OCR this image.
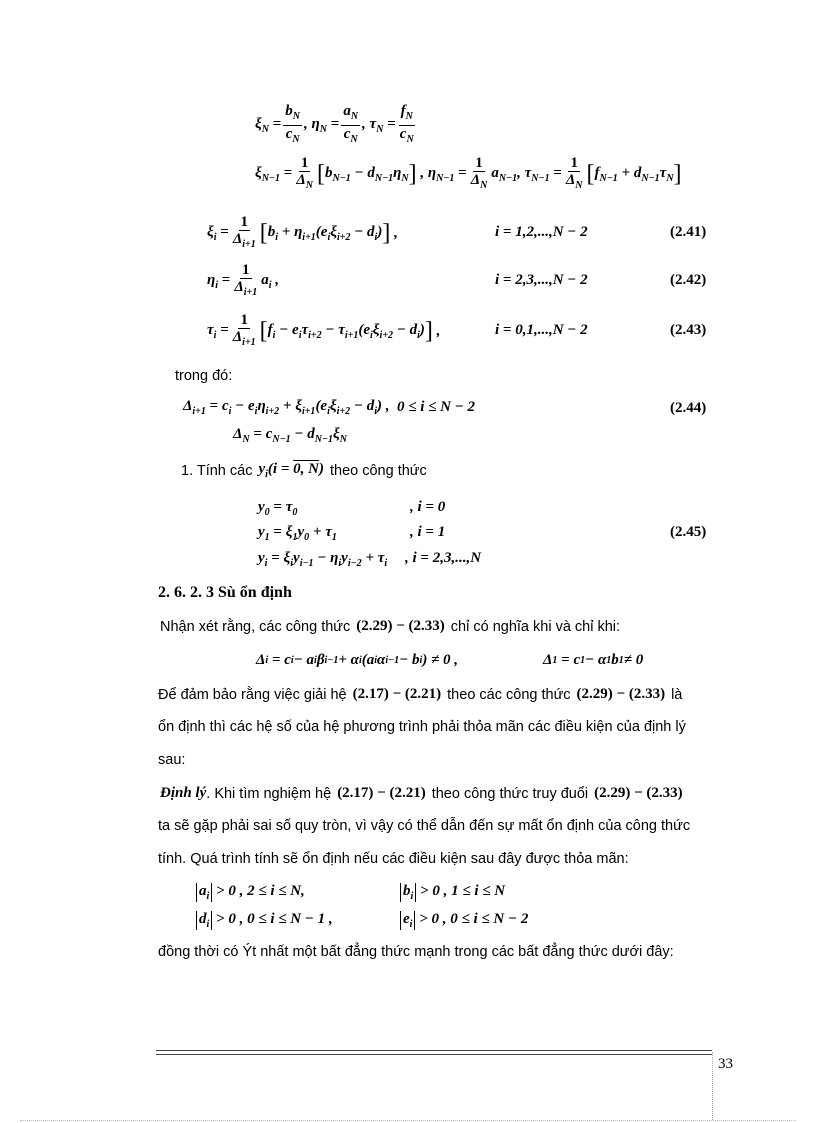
$\xi_N = \frac{b_N}{c_N}$ , $\eta_N = \frac{a_N}{c_N}$ , $\tau_N = \frac{f_N}{c_N}$
$\xi_{N-1} = \frac{1}{\Delta_N}$ [ $b_{N-1} - d_{N-1}\eta_N$ ] , $\eta_{N-1} = \frac{1}{\Delta_N} a_{N-1}$, $\tau_{N-1} = \frac{1}{\Delta_N}$ [ $f_{N-1} + d_{N-1}\tau_N$ ]
$\xi_i = \frac{1}{\Delta_{i+1}}$ [ $b_i + \eta_{i+1}(e_i\xi_{i+2} - d_i)$ ] ,	i = 1,2,...,N − 2	(2.41)
$\eta_i = \frac{1}{\Delta_{i+1}} a_i$ ,	i = 2,3,...,N − 2	(2.42)
$\tau_i = \frac{1}{\Delta_{i+1}}$ [ $f_i - e_i\tau_{i+2} - \tau_{i+1}(e_i\xi_{i+2} - d_i)$ ] ,	i = 0,1,...,N − 2	(2.43)
trong đó:
$\Delta_{i+1} = c_i - e_i\eta_{i+2} + \xi_{i+1}(e_i\xi_{i+2} - d_i)$ , 0 ≤ i ≤ N − 2	(2.44)
$\Delta_N = c_{N-1} - d_{N-1}\xi_N$
1. Tính các $y_i(i = 0$, N) theo công thức
$y_0 = \tau_0$	, i = 0
$y_1 = \xi_1y_0 + \tau_1$	, i = 1	(2.45)
$y_i = \xi_iy_{i-1} - \eta_iy_{i-2} + \tau_i$ , i = 2,3,...,N
2. 6. 2. 3 Sù ổn định
Nhận xét rằng, các công thức (2.29) − (2.33) chỉ có nghĩa khi và chỉ khi:
Δ i = c i − a i β i−1 + α i (a i α i−1 − b i ) ≠ 0 ,	Δ 1 = c 1 − α 1 b 1 ≠ 0
Để đảm bảo rằng việc giải hệ (2.17) − (2.21) theo các công thức (2.29) − (2.33) là
ổn định thì các hệ số của hệ phương trình phải thỏa mãn các điều kiện của định lý
sau:
Định lý . Khi tìm nghiệm hệ (2.17) − (2.21) theo công thức truy đuổi (2.29) − (2.33)
ta sẽ gặp phải sai số quy tròn, vì vậy có thể dẫn đến sự mất ổn định của công thức
tính. Quá trình tính sẽ ổn định nếu các điều kiện sau đây được thỏa mãn:
$a_i > 0$ , 2 ≤ i ≤ N,	$b_i > 0$ , 1 ≤ i ≤ N
$d_i > 0$ , 0 ≤ i ≤ N − 1 ,	$e_i > 0$ , 0 ≤ i ≤ N − 2
đồng thời có Ýt nhất một bất đẳng thức mạnh trong các bất đẳng thức dưới đây:
33
